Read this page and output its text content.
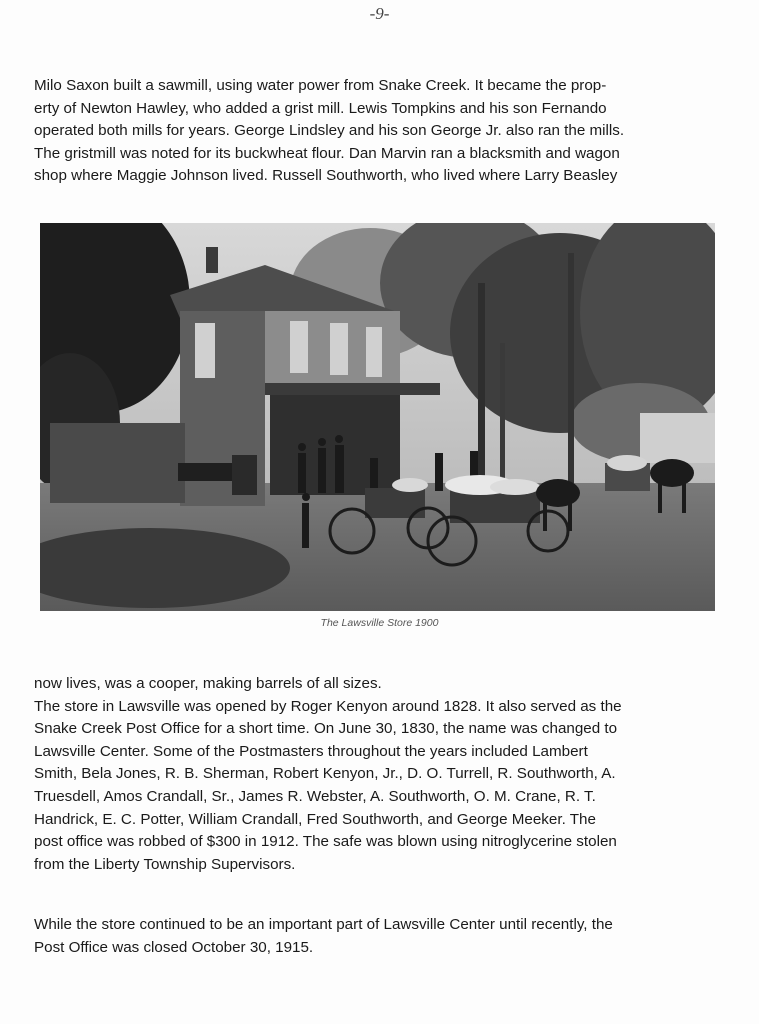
-9-

Milo Saxon built a sawmill, using water power from Snake Creek. It became the prop-
erty of Newton Hawley, who added a grist mill. Lewis Tompkins and his son Fernando
operated both mills for years. George Lindsley and his son George Jr. also ran the mills.
The gristmill was noted for its buckwheat flour. Dan Marvin ran a blacksmith and wagon
shop where Maggie Johnson lived. Russell Southworth, who lived where Larry Beasley

The Lawsville Store 1900

now lives, was a cooper, making barrels of all sizes.
The store in Lawsville was opened by Roger Kenyon around 1828. It also served as the
Snake Creek Post Office for a short time. On June 30, 1830, the name was changed to
Lawsville Center. Some of the Postmasters throughout the years included Lambert
Smith, Bela Jones, R. B. Sherman, Robert Kenyon, Jr., D. O. Turrell, R. Southworth, A.
Truesdell, Amos Crandall, Sr., James R. Webster, A. Southworth, O. M. Crane, R. T.
Handrick, E. C. Potter, William Crandall, Fred Southworth, and George Meeker. The
post office was robbed of $300 in 1912. The safe was blown using nitroglycerine stolen
from the Liberty Township Supervisors.

While the store continued to be an important part of Lawsville Center until recently, the
Post Office was closed October 30, 1915.
